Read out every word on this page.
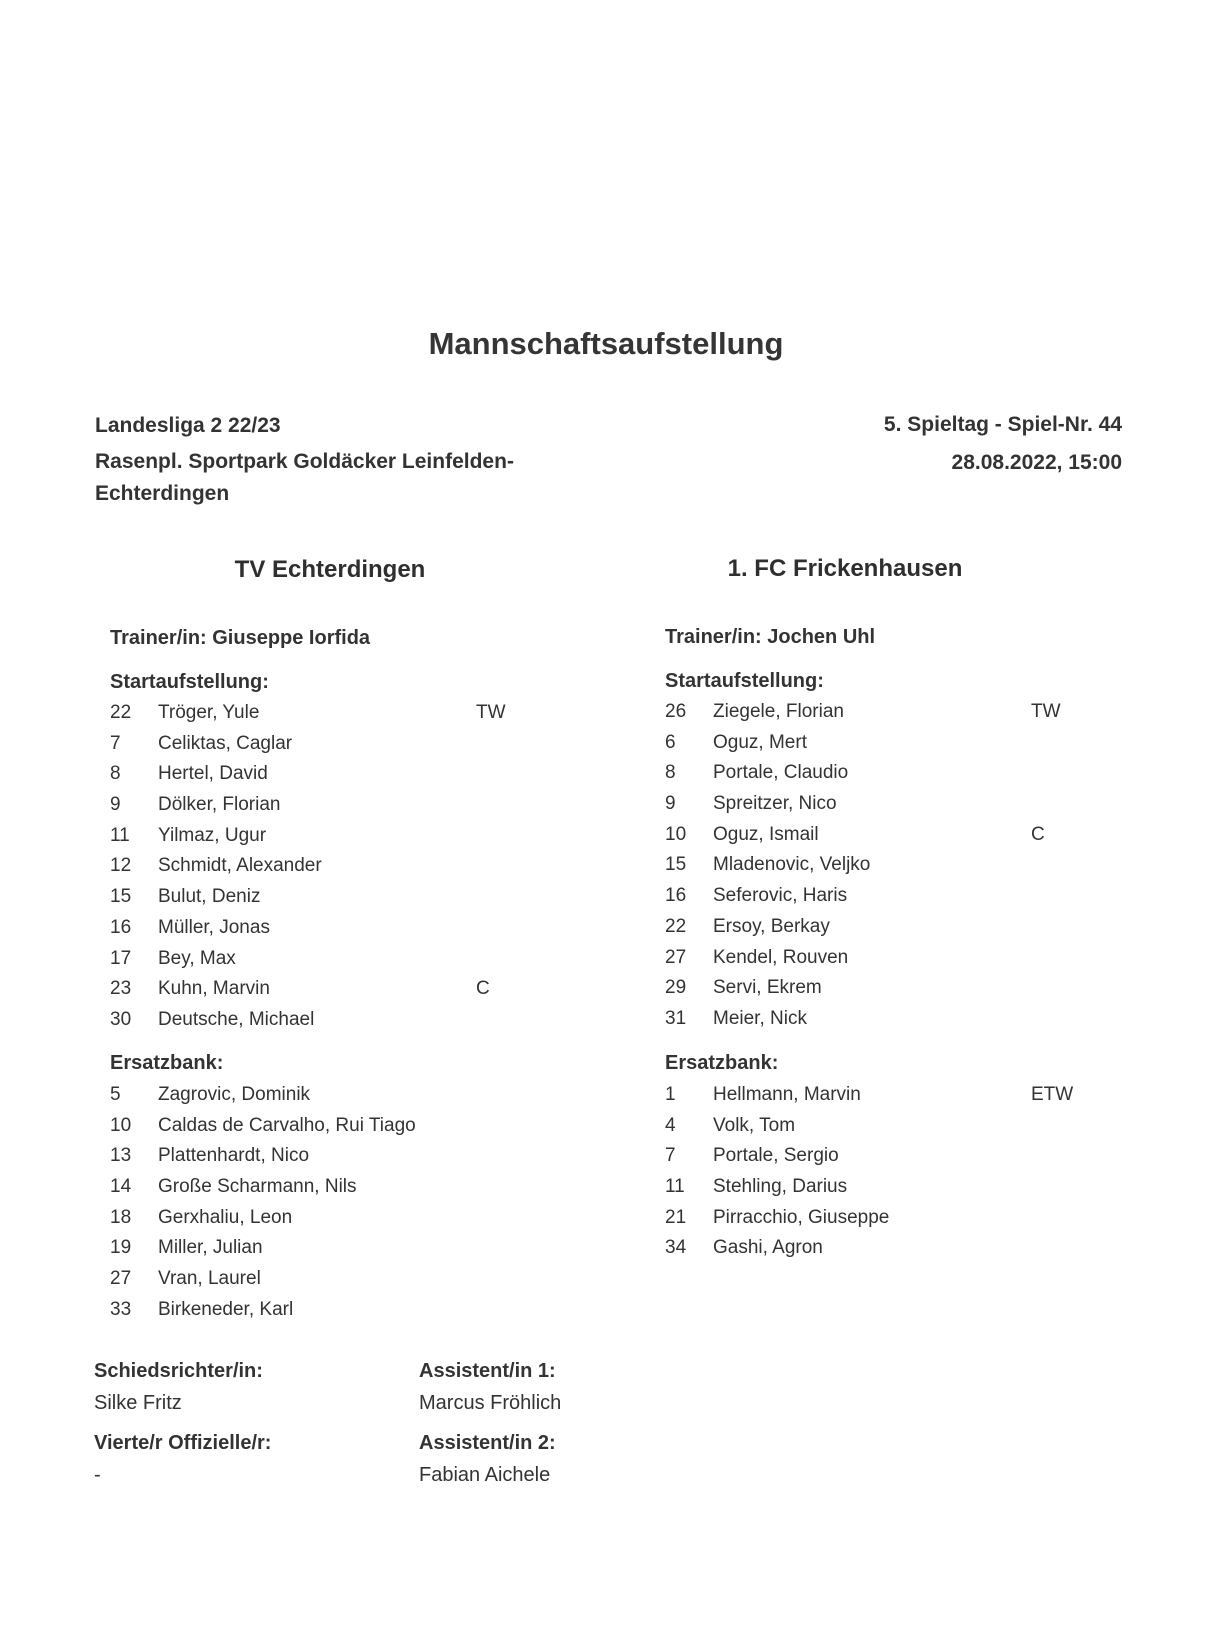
Mannschaftsaufstellung
Landesliga 2 22/23
Rasenpl. Sportpark Goldäcker Leinfelden-
Echterdingen
5. Spieltag - Spiel-Nr. 44
28.08.2022, 15:00
TV Echterdingen
Trainer/in: Giuseppe Iorfida
Startaufstellung:
22	Tröger, Yule	TW
7	Celiktas, Caglar
8	Hertel, David
9	Dölker, Florian
11	Yilmaz, Ugur
12	Schmidt, Alexander
15	Bulut, Deniz
16	Müller, Jonas
17	Bey, Max
23	Kuhn, Marvin	C
30	Deutsche, Michael
Ersatzbank:
5	Zagrovic, Dominik
10	Caldas de Carvalho, Rui Tiago
13	Plattenhardt, Nico
14	Große Scharmann, Nils
18	Gerxhaliu, Leon
19	Miller, Julian
27	Vran, Laurel
33	Birkeneder, Karl
1. FC Frickenhausen
Trainer/in: Jochen Uhl
Startaufstellung:
26	Ziegele, Florian	TW
6	Oguz, Mert
8	Portale, Claudio
9	Spreitzer, Nico
10	Oguz, Ismail	C
15	Mladenovic, Veljko
16	Seferovic, Haris
22	Ersoy, Berkay
27	Kendel, Rouven
29	Servi, Ekrem
31	Meier, Nick
Ersatzbank:
1	Hellmann, Marvin	ETW
4	Volk, Tom
7	Portale, Sergio
11	Stehling, Darius
21	Pirracchio, Giuseppe
34	Gashi, Agron
Schiedsrichter/in:
Silke Fritz
Vierte/r Offizielle/r:
-
Assistent/in 1:
Marcus Fröhlich
Assistent/in 2:
Fabian Aichele
